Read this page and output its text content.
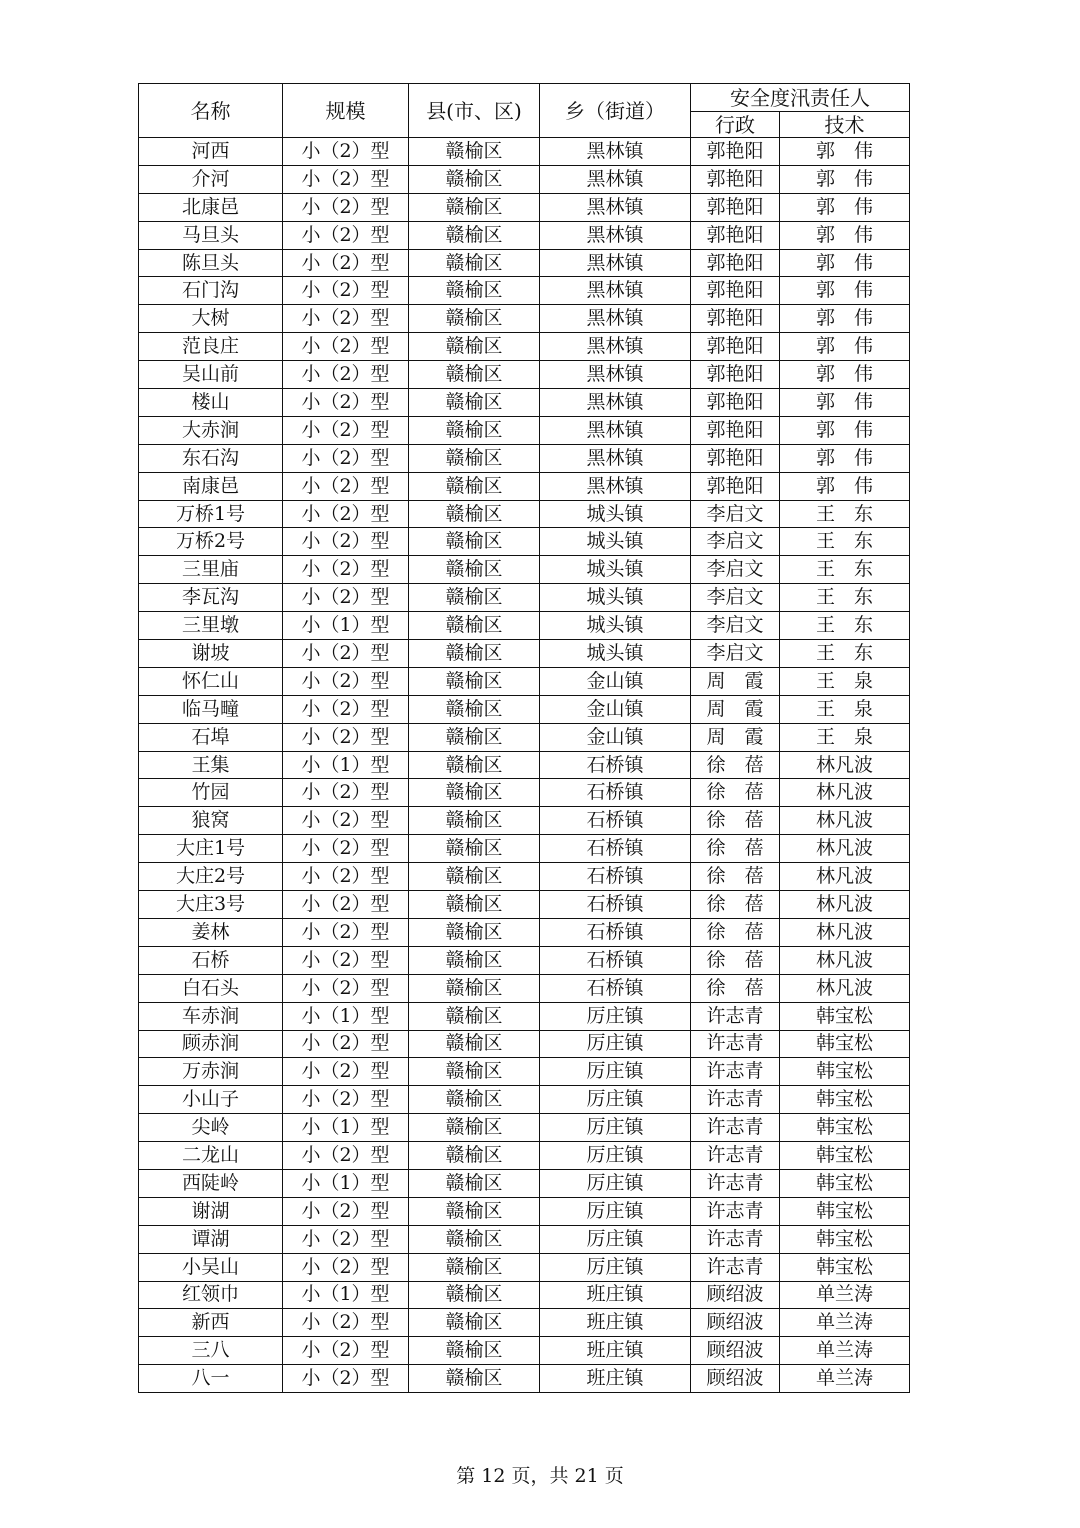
名称	规模	县(市、区)	乡（街道）	安全度汛责任人	
				行政	技术
河西	小（2）型	赣榆区	黑林镇	郭艳阳	郭　伟
介河	小（2）型	赣榆区	黑林镇	郭艳阳	郭　伟
北康邑	小（2）型	赣榆区	黑林镇	郭艳阳	郭　伟
马旦头	小（2）型	赣榆区	黑林镇	郭艳阳	郭　伟
陈旦头	小（2）型	赣榆区	黑林镇	郭艳阳	郭　伟
石门沟	小（2）型	赣榆区	黑林镇	郭艳阳	郭　伟
大树	小（2）型	赣榆区	黑林镇	郭艳阳	郭　伟
范良庄	小（2）型	赣榆区	黑林镇	郭艳阳	郭　伟
吴山前	小（2）型	赣榆区	黑林镇	郭艳阳	郭　伟
楼山	小（2）型	赣榆区	黑林镇	郭艳阳	郭　伟
大赤涧	小（2）型	赣榆区	黑林镇	郭艳阳	郭　伟
东石沟	小（2）型	赣榆区	黑林镇	郭艳阳	郭　伟
南康邑	小（2）型	赣榆区	黑林镇	郭艳阳	郭　伟
万桥1号	小（2）型	赣榆区	城头镇	李启文	王　东
万桥2号	小（2）型	赣榆区	城头镇	李启文	王　东
三里庙	小（2）型	赣榆区	城头镇	李启文	王　东
李瓦沟	小（2）型	赣榆区	城头镇	李启文	王　东
三里墩	小（1）型	赣榆区	城头镇	李启文	王　东
谢坡	小（2）型	赣榆区	城头镇	李启文	王　东
怀仁山	小（2）型	赣榆区	金山镇	周　霞	王　泉
临马疃	小（2）型	赣榆区	金山镇	周　霞	王　泉
石埠	小（2）型	赣榆区	金山镇	周　霞	王　泉
王集	小（1）型	赣榆区	石桥镇	徐　蓓	林凡波
竹园	小（2）型	赣榆区	石桥镇	徐　蓓	林凡波
狼窝	小（2）型	赣榆区	石桥镇	徐　蓓	林凡波
大庄1号	小（2）型	赣榆区	石桥镇	徐　蓓	林凡波
大庄2号	小（2）型	赣榆区	石桥镇	徐　蓓	林凡波
大庄3号	小（2）型	赣榆区	石桥镇	徐　蓓	林凡波
姜林	小（2）型	赣榆区	石桥镇	徐　蓓	林凡波
石桥	小（2）型	赣榆区	石桥镇	徐　蓓	林凡波
白石头	小（2）型	赣榆区	石桥镇	徐　蓓	林凡波
车赤涧	小（1）型	赣榆区	厉庄镇	许志青	韩宝松
顾赤涧	小（2）型	赣榆区	厉庄镇	许志青	韩宝松
万赤涧	小（2）型	赣榆区	厉庄镇	许志青	韩宝松
小山子	小（2）型	赣榆区	厉庄镇	许志青	韩宝松
尖岭	小（1）型	赣榆区	厉庄镇	许志青	韩宝松
二龙山	小（2）型	赣榆区	厉庄镇	许志青	韩宝松
西陡岭	小（1）型	赣榆区	厉庄镇	许志青	韩宝松
谢湖	小（2）型	赣榆区	厉庄镇	许志青	韩宝松
谭湖	小（2）型	赣榆区	厉庄镇	许志青	韩宝松
小吴山	小（2）型	赣榆区	厉庄镇	许志青	韩宝松
红领巾	小（1）型	赣榆区	班庄镇	顾绍波	单兰涛
新西	小（2）型	赣榆区	班庄镇	顾绍波	单兰涛
三八	小（2）型	赣榆区	班庄镇	顾绍波	单兰涛
八一	小（2）型	赣榆区	班庄镇	顾绍波	单兰涛
第 12 页，共 21 页
